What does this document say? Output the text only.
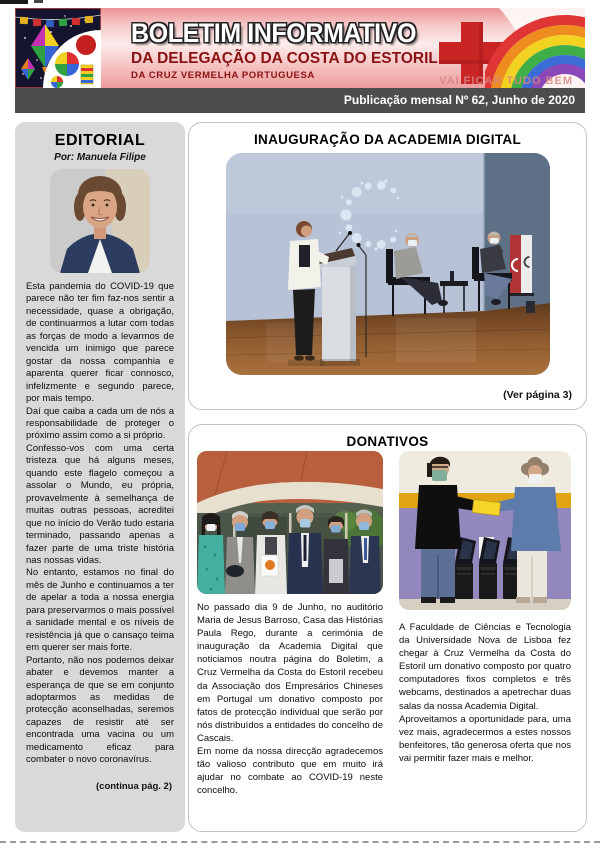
BOLETIM INFORMATIVO
DA DELEGAÇÃO DA COSTA DO ESTORIL
DA CRUZ VERMELHA PORTUGUESA	VAI FICAR TUDO BEM
Publicação mensal Nº 62, Junho de 2020
EDITORIAL
Por: Manuela Filipe

Esta pandemia do COVID-19 que parece não ter fim faz-nos sentir a necessidade, quase a obrigação, de continuarmos a lutar com todas as forças de modo a levarmos de vencida um inimigo que parece gostar da nossa companhia e aparenta querer ficar connosco, infelizmente e segundo parece, por mais tempo.

Daí que caiba a cada um de nós a responsabilidade de proteger o próximo assim como a si próprio.

Confesso-vos com uma certa tristeza que há alguns meses, quando este flagelo começou a assolar o Mundo, eu própria, provavelmente à semelhança de muitas outras pessoas, acreditei que no início do Verão tudo estaria terminado, passando apenas a fazer parte de uma triste história nas nossas vidas.

No entanto, estamos no final do mês de Junho e continuamos a ter de apelar a toda a nossa energia para preservarmos o mais possível a sanidade mental e os níveis de resistência já que o cansaço teima em querer ser mais forte.

Portanto, não nos podemos deixar abater e devemos manter a esperança de que se em conjunto adoptarmos as medidas de protecção aconselhadas, seremos capazes de resistir até ser encontrada uma vacina ou um medicamento eficaz para combater o novo coronavírus.

(continua pág. 2)
INAUGURAÇÃO DA ACADEMIA DIGITAL
(Ver página 3)
DONATIVOS

No passado dia 9 de Junho, no auditório Maria de Jesus Barroso, Casa das Histórias Paula Rego, durante a cerimónia de inauguração da Academia Digital que noticiamos noutra página do Boletim, a Cruz Vermelha da Costa do Estoril recebeu da Associação dos Empresários Chineses em Portugal um donativo composto por fatos de protecção individual que serão por nós distribuídos a entidades do concelho de Cascais.

Em nome da nossa direcção agradecemos tão valioso contributo que em muito irá ajudar no combate ao COVID-19 neste concelho.

A Faculdade de Ciências e Tecnologia da Universidade Nova de Lisboa fez chegar à Cruz Vermelha da Costa do Estoril um donativo composto por quatro computadores fixos completos e três webcams, destinados a apetrechar duas salas da nossa Academia Digital.

Aproveitamos a oportunidade para, uma vez mais, agradecermos a estes nossos benfeitores, tão generosa oferta que nos vai permitir fazer mais e melhor.
